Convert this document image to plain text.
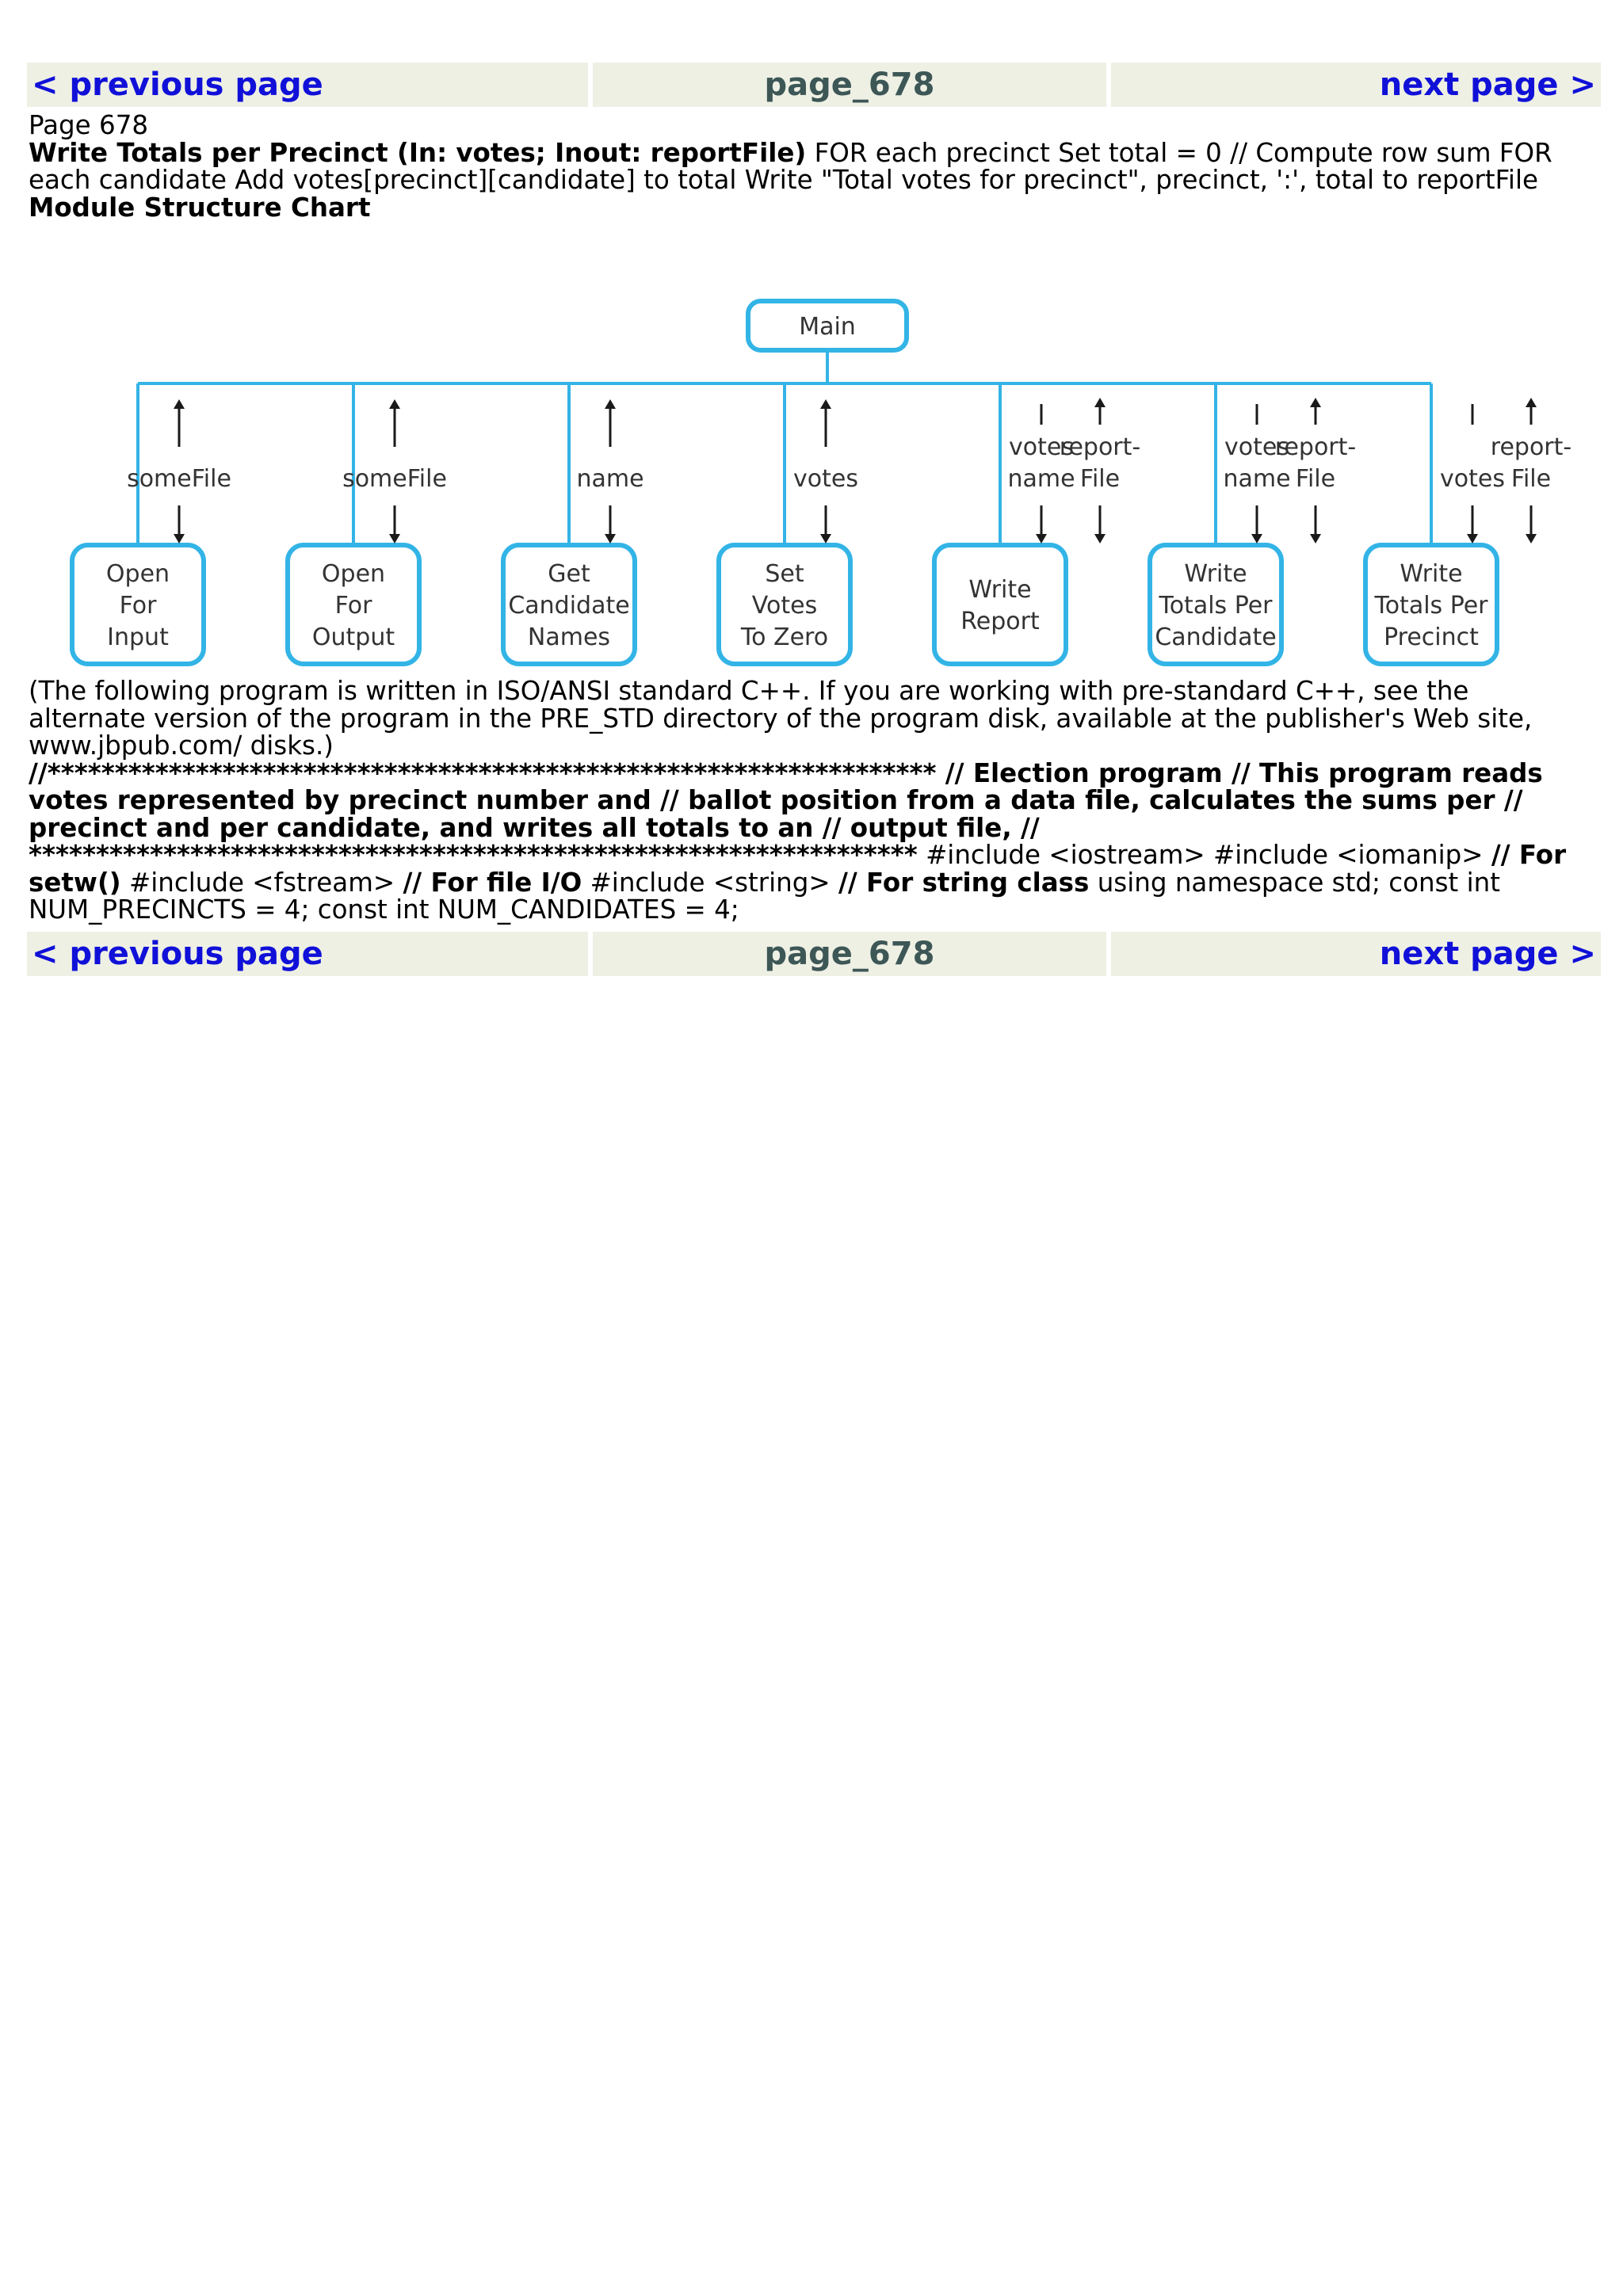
< previous page	page_678	next page >
Page 678
Write Totals per Precinct (In: votes; Inout: reportFile) FOR each precinct Set total = 0 // Compute row sum FOR each candidate Add votes[precinct][candidate] to total Write "Total votes for precinct", precinct, ':', total to reportFile
Module Structure Chart
Main
Open
For
Input
someFile
Open
For
Output
someFile
Get
Candidate
Names
name
Set
Votes
To Zero
votes
Write
Report
votes
name
report-
File
Write
Totals Per
Candidate
votes
name
report-
File
Write
Totals Per
Precinct
votes
report-
File
(The following program is written in ISO/ANSI standard C++. If you are working with pre-standard C++, see the alternate version of the program in the PRE_STD directory of the program disk, available at the publisher's Web site, www.jbpub.com/ disks.)
//****************************************************************** // Election program // This program reads votes represented by precinct number and // ballot position from a data file, calculates the sums per // precinct and per candidate, and writes all totals to an // output file, // ****************************************************************** #include <iostream> #include <iomanip> // For setw() #include <fstream> // For file I/O #include <string> // For string class using namespace std; const int NUM_PRECINCTS = 4; const int NUM_CANDIDATES = 4;
< previous page	page_678	next page >
